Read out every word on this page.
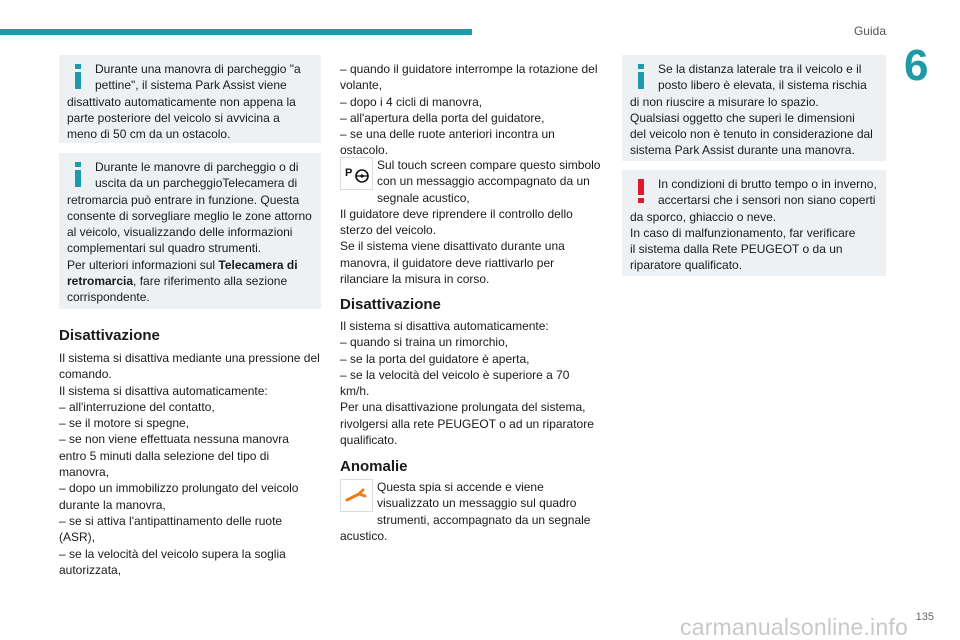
Guida
6

Durante una manovra di parcheggio "a

pettine", il sistema Park Assist viene

disattivato automaticamente non appena la

parte posteriore del veicolo si avvicina a

meno di 50 cm da un ostacolo.

Durante le manovre di parcheggio o di

uscita da un parcheggioTelecamera di

retromarcia può entrare in funzione. Questa

consente di sorvegliare meglio le zone attorno

al veicolo, visualizzando delle informazioni

complementari sul quadro strumenti.

Per ulteriori informazioni sul Telecamera di
retromarcia, fare riferimento alla sezione
corrispondente.

Disattivazione

Il sistema si disattiva mediante una pressione del

comando.

Il sistema si disattiva automaticamente:

– all'interruzione del contatto,

– se il motore si spegne,

– se non viene effettuata nessuna manovra

entro 5 minuti dalla selezione del tipo di

manovra,

– dopo un immobilizzo prolungato del veicolo

durante la manovra,

– se si attiva l'antipattinamento delle ruote

(ASR),

– se la velocità del veicolo supera la soglia

autorizzata,

– quando il guidatore interrompe la rotazione del

volante,

– dopo i 4 cicli di manovra,

– all'apertura della porta del guidatore,

– se una delle ruote anteriori incontra un

ostacolo.

P

Sul touch screen compare questo simbolo

con un messaggio accompagnato da un

segnale acustico,

Il guidatore deve riprendere il controllo dello

sterzo del veicolo.

Se il sistema viene disattivato durante una

manovra, il guidatore deve riattivarlo per

rilanciare la misura in corso.

Disattivazione

Il sistema si disattiva automaticamente:

– quando si traina un rimorchio,

– se la porta del guidatore è aperta,

– se la velocità del veicolo è superiore a 70

km/h.

Per una disattivazione prolungata del sistema,

rivolgersi alla rete PEUGEOT o ad un riparatore

qualificato.

Anomalie

Questa spia si accende e viene

visualizzato un messaggio sul quadro

strumenti, accompagnato da un segnale

acustico.

Se la distanza laterale tra il veicolo e il

posto libero è elevata, il sistema rischia

di non riuscire a misurare lo spazio.

Qualsiasi oggetto che superi le dimensioni

del veicolo non è tenuto in considerazione dal

sistema Park Assist durante una manovra.

In condizioni di brutto tempo o in inverno,

accertarsi che i sensori non siano coperti

da sporco, ghiaccio o neve.

In caso di malfunzionamento, far verificare

il sistema dalla Rete PEUGEOT o da un

riparatore qualificato.

135
carmanualsonline.info
